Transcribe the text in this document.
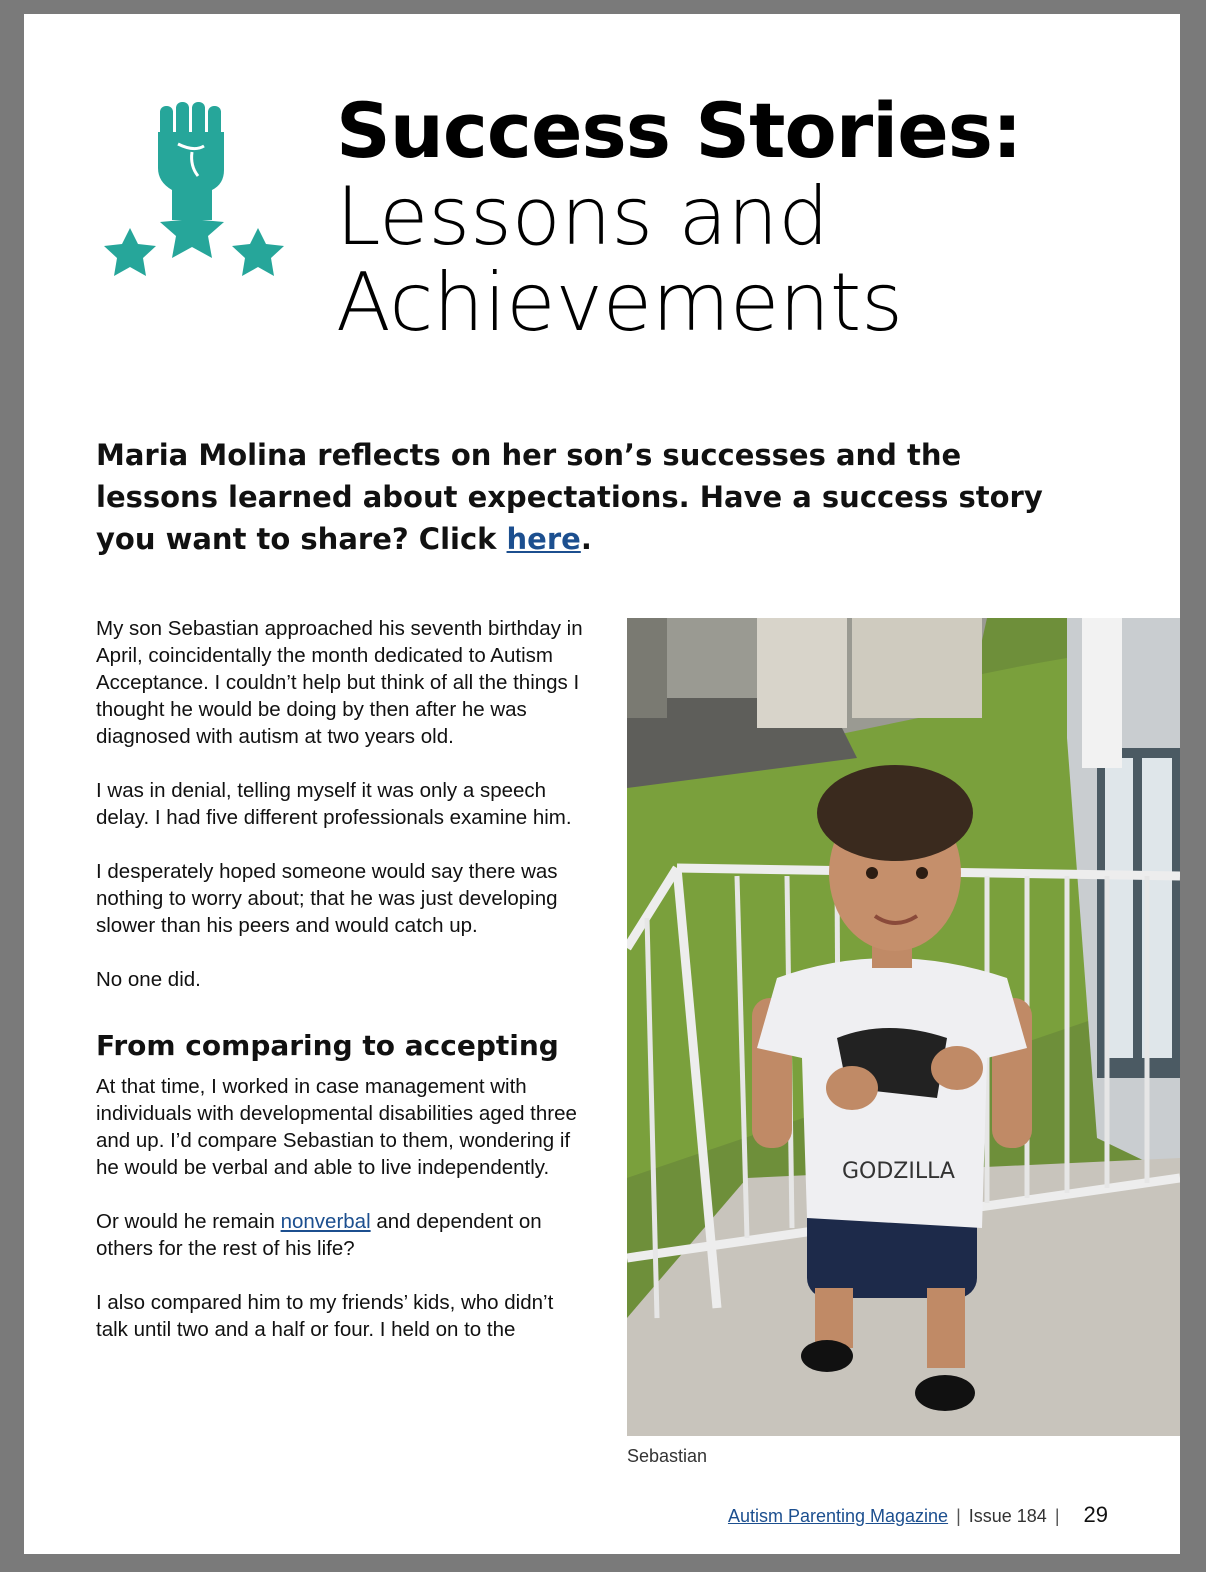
Success Stories:
Lessons and
Achievements

Maria Molina reflects on her son’s successes and the lessons learned about expectations. Have a success story you want to share? Click here.

My son Sebastian approached his seventh birthday in April, coincidentally the month dedicated to Autism Acceptance. I couldn’t help but think of all the things I thought he would be doing by then after he was diagnosed with autism at two years old.

I was in denial, telling myself it was only a speech delay. I had five different professionals examine him.

I desperately hoped someone would say there was nothing to worry about; that he was just developing slower than his peers and would catch up.

No one did.

From comparing to accepting

At that time, I worked in case management with individuals with developmental disabilities aged three and up. I’d compare Sebastian to them, wondering if he would be verbal and able to live independently.

Or would he remain nonverbal and dependent on others for the rest of his life?

I also compared him to my friends’ kids, who didn’t talk until two and a half or four. I held on to the

GODZILLA
Sebastian
Autism Parenting Magazine | Issue 184 | 29
